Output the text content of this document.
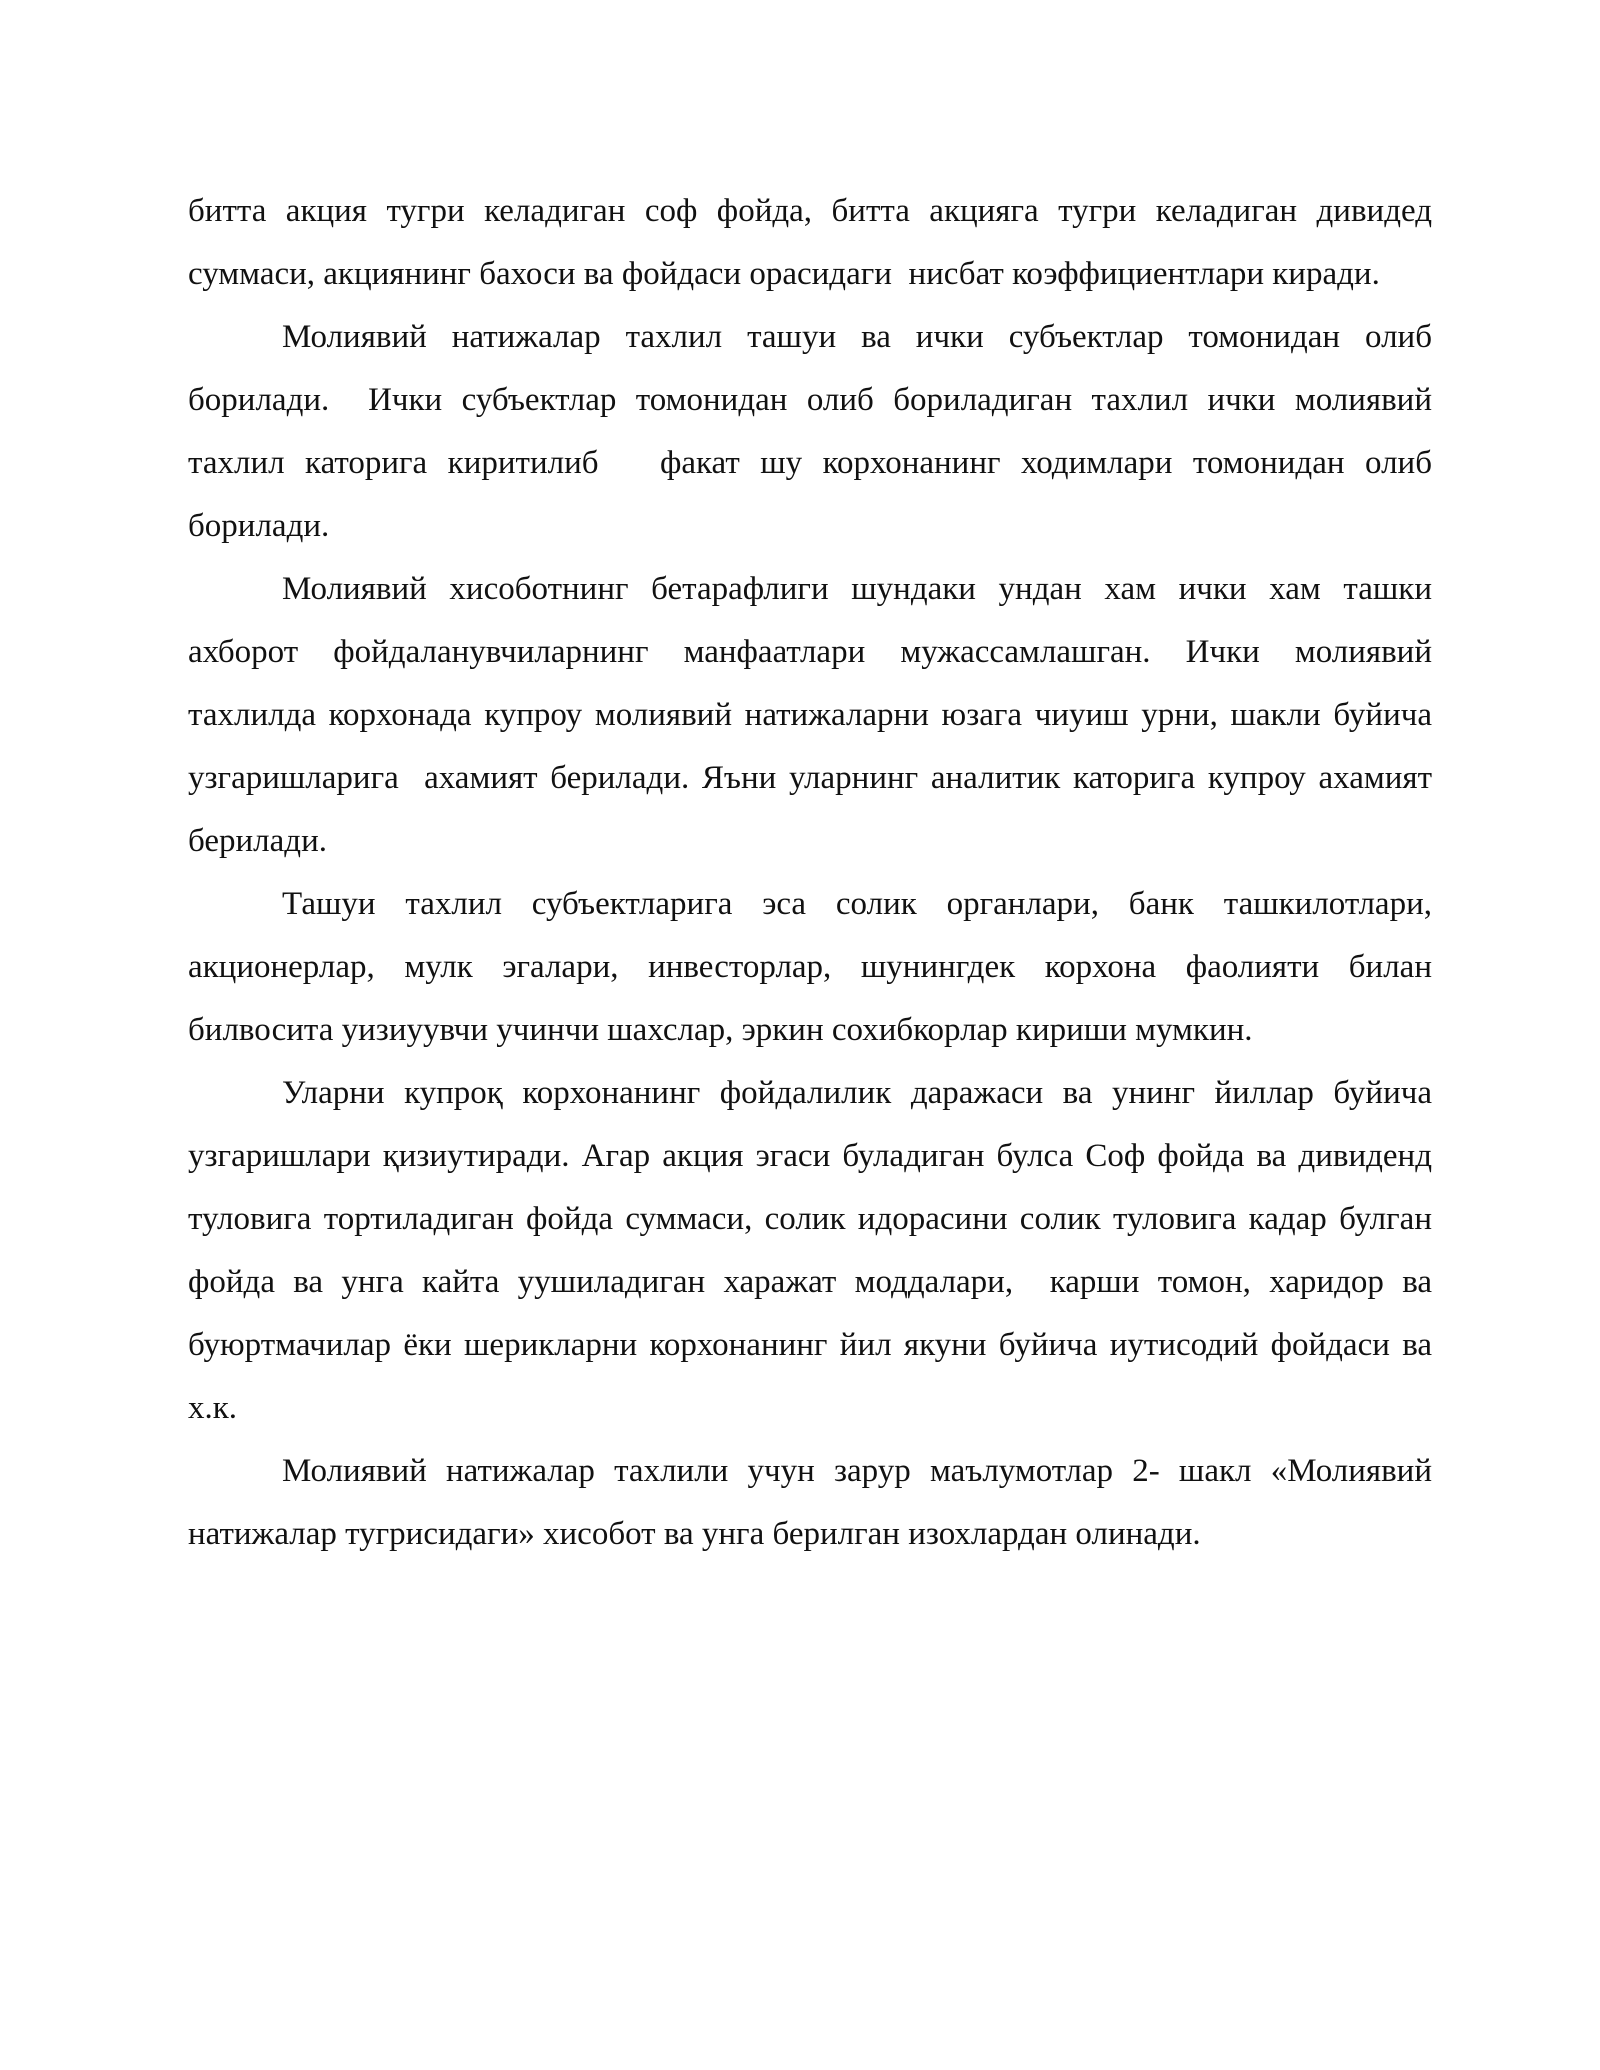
битта акция тугри келадиган соф фойда, битта акцияга тугри келадиган дивидед суммаси, акциянинг бахоси ва фойдаси орасидаги  нисбат коэффициентлари киради.

Молиявий натижалар тахлил ташуи ва ички субъектлар томонидан олиб борилади.  Ички субъектлар томонидан олиб бориладиган тахлил ички молиявий тахлил каторига киритилиб   факат шу корхонанинг ходимлари томонидан олиб борилади.

Молиявий хисоботнинг бетарафлиги шундаки ундан хам ички хам ташки ахборот фойдаланувчиларнинг манфаатлари мужассамлашган. Ички молиявий тахлилда корхонада купроу молиявий натижаларни юзага чиуиш урни, шакли буйича узгаришларига  ахамият берилади. Яъни уларнинг аналитик каторига купроу ахамият берилади.

Ташуи тахлил субъектларига эса солик органлари, банк ташкилотлари, акционерлар, мулк эгалари, инвесторлар, шунингдек корхона фаолияти билан билвосита уизиуувчи учинчи шахслар, эркин сохибкорлар кириши мумкин.

Уларни купроқ корхонанинг фойдалилик даражаси ва унинг йиллар буйича узгаришлари қизиутиради. Агар акция эгаси буладиган булса Соф фойда ва дивиденд туловига тортиладиган фойда суммаси, солик идорасини солик туловига кадар булган фойда ва унга кайта уушиладиган харажат моддалари,  карши томон, харидор ва буюртмачилар ёки шерикларни корхонанинг йил якуни буйича иутисодий фойдаси ва х.к.

Молиявий натижалар тахлили учун зарур маълумотлар 2- шакл «Молиявий натижалар тугрисидаги» хисобот ва унга берилган изохлардан олинади.
